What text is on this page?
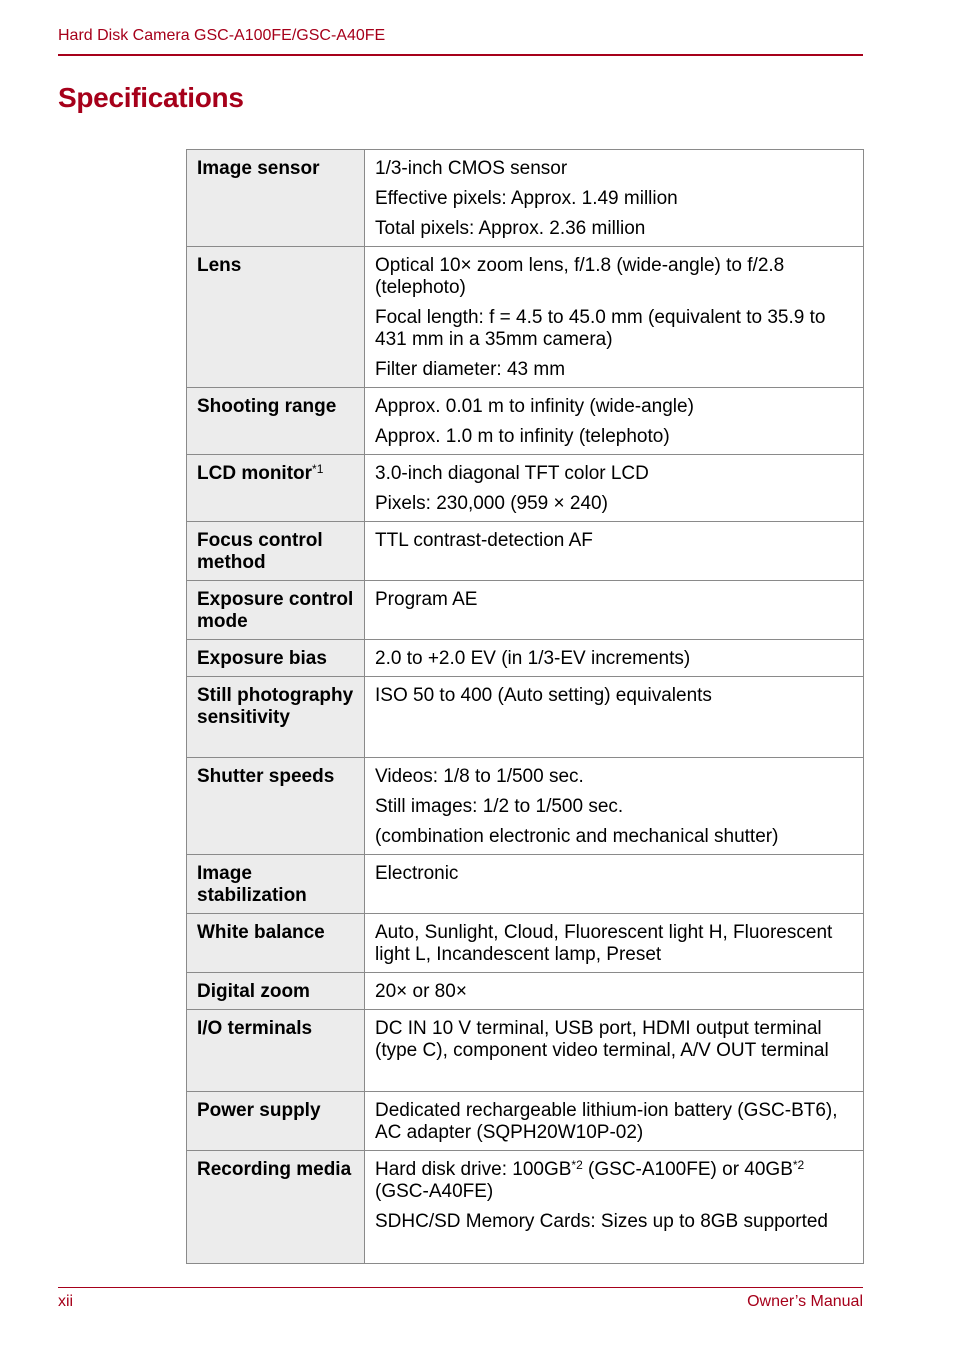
Hard Disk Camera GSC-A100FE/GSC-A40FE
Specifications
Image sensor	1/3-inch CMOS sensor

Effective pixels: Approx. 1.49 million

Total pixels: Approx. 2.36 million

Lens	Optical 10× zoom lens, f/1.8 (wide-angle) to f/2.8 (telephoto)

Focal length: f = 4.5 to 45.0 mm (equivalent to 35.9 to 431 mm in a 35mm camera)

Filter diameter: 43 mm

Shooting range	Approx. 0.01 m to infinity (wide-angle)

Approx. 1.0 m to infinity (telephoto)

LCD monitor$^{*1}$	3.0-inch diagonal TFT color LCD

Pixels: 230,000 (959 × 240)

Focus control method	TTL contrast-detection AF

Exposure control mode	Program AE

Exposure bias	2.0 to +2.0 EV (in 1/3-EV increments)

Still photography sensitivity	ISO 50 to 400 (Auto setting) equivalents

Shutter speeds	Videos: 1/8 to 1/500 sec.

Still images: 1/2 to 1/500 sec.

(combination electronic and mechanical shutter)

Image stabilization	Electronic

White balance	Auto, Sunlight, Cloud, Fluorescent light H, Fluorescent light L, Incandescent lamp, Preset

Digital zoom	20× or 80×

I/O terminals	DC IN 10 V terminal, USB port, HDMI output terminal (type C), component video terminal, A/V OUT terminal

Power supply	Dedicated rechargeable lithium-ion battery (GSC-BT6), AC adapter (SQPH20W10P-02)

Recording media	Hard disk drive: 100GB$^{*2}$ (GSC-A100FE) or 40GB$^{*2}$ (GSC-A40FE)

SDHC/SD Memory Cards: Sizes up to 8GB supported

xii	Owner’s Manual
